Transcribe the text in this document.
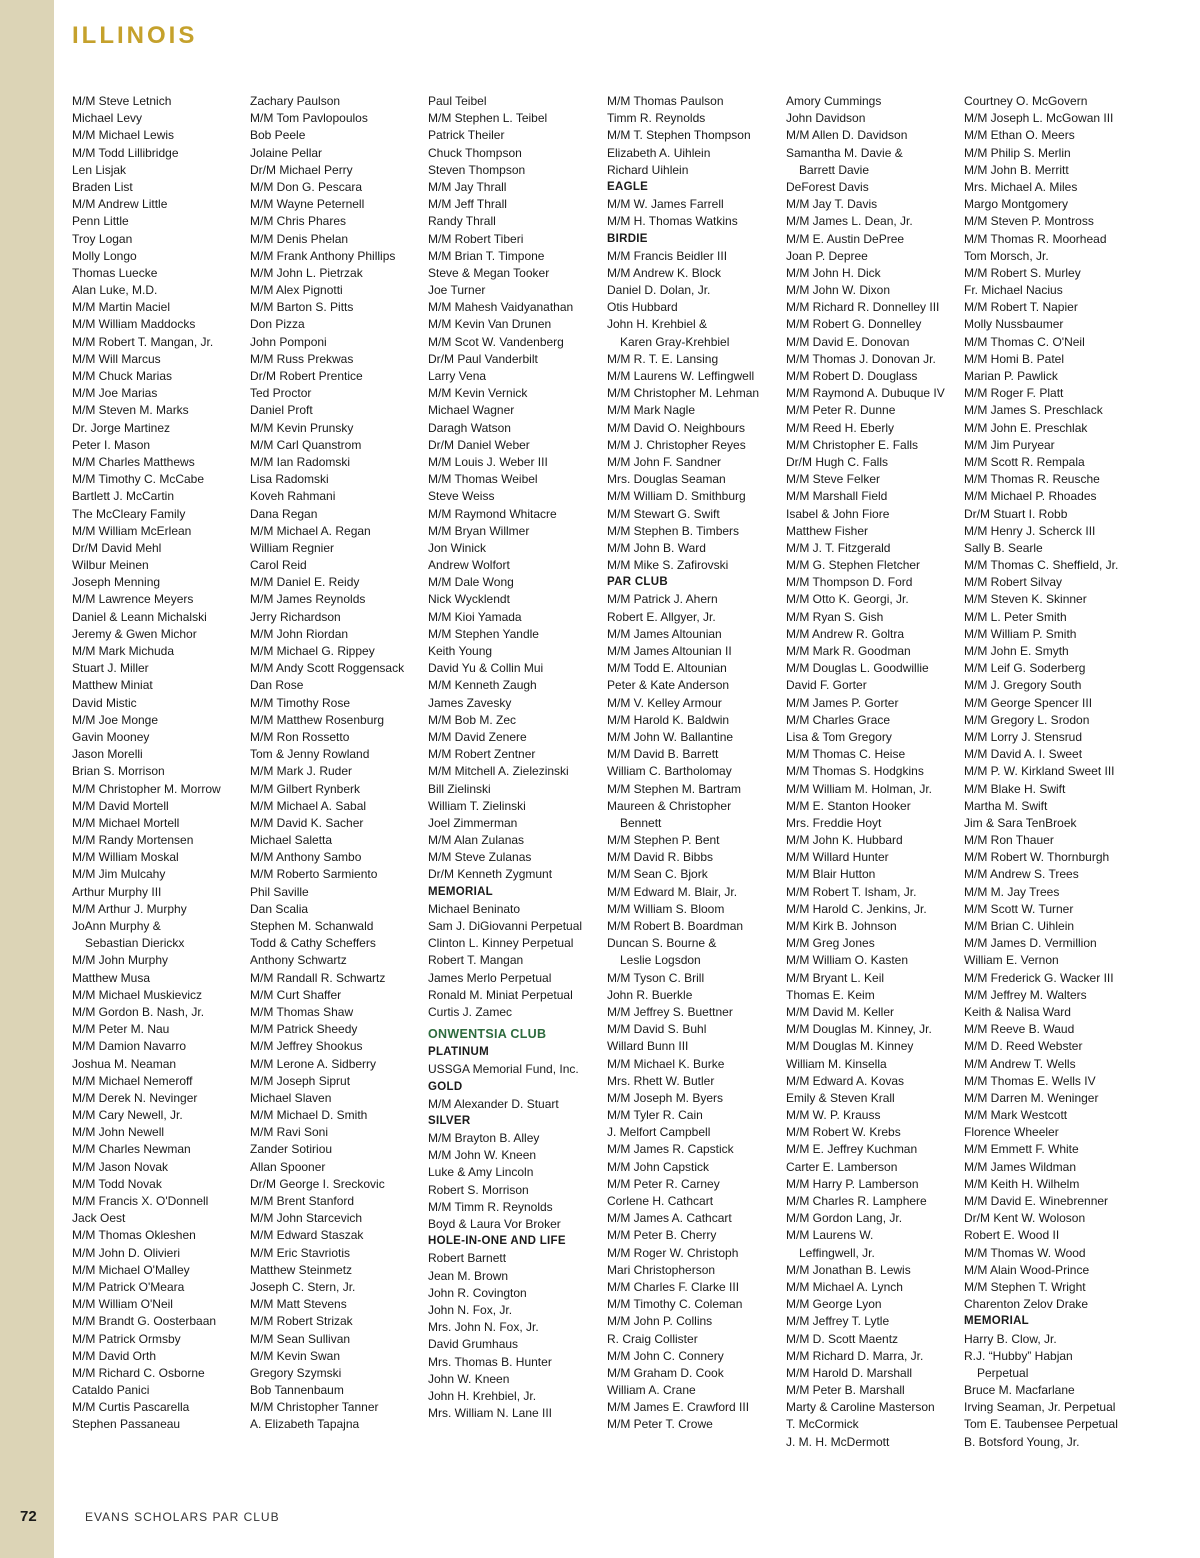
ILLINOIS
M/M Steve Letnich
Michael Levy
M/M Michael Lewis
M/M Todd Lillibridge
Len Lisjak
Braden List
M/M Andrew Little
Penn Little
Troy Logan
Molly Longo
Thomas Luecke
Alan Luke, M.D.
M/M Martin Maciel
M/M William Maddocks
M/M Robert T. Mangan, Jr.
M/M Will Marcus
M/M Chuck Marias
M/M Joe Marias
M/M Steven M. Marks
Dr. Jorge Martinez
Peter I. Mason
M/M Charles Matthews
M/M Timothy C. McCabe
Bartlett J. McCartin
The McCleary Family
M/M William McErlean
Dr/M David Mehl
Wilbur Meinen
Joseph Menning
M/M Lawrence Meyers
Daniel & Leann Michalski
Jeremy & Gwen Michor
M/M Mark Michuda
Stuart J. Miller
Matthew Miniat
David Mistic
M/M Joe Monge
Gavin Mooney
Jason Morelli
Brian S. Morrison
M/M Christopher M. Morrow
M/M David Mortell
M/M Michael Mortell
M/M Randy Mortensen
M/M William Moskal
M/M Jim Mulcahy
Arthur Murphy III
M/M Arthur J. Murphy
JoAnn Murphy &
Sebastian Dierickx
M/M John Murphy
Matthew Musa
M/M Michael Muskievicz
M/M Gordon B. Nash, Jr.
M/M Peter M. Nau
M/M Damion Navarro
Joshua M. Neaman
M/M Michael Nemeroff
M/M Derek N. Nevinger
M/M Cary Newell, Jr.
M/M John Newell
M/M Charles Newman
M/M Jason Novak
M/M Todd Novak
M/M Francis X. O'Donnell
Jack Oest
M/M Thomas Okleshen
M/M John D. Olivieri
M/M Michael O'Malley
M/M Patrick O'Meara
M/M William O'Neil
M/M Brandt G. Oosterbaan
M/M Patrick Ormsby
M/M David Orth
M/M Richard C. Osborne
Cataldo Panici
M/M Curtis Pascarella
Stephen Passaneau
Zachary Paulson
M/M Tom Pavlopoulos
Bob Peele
Jolaine Pellar
Dr/M Michael Perry
M/M Don G. Pescara
M/M Wayne Peternell
M/M Chris Phares
M/M Denis Phelan
M/M Frank Anthony Phillips
M/M John L. Pietrzak
M/M Alex Pignotti
M/M Barton S. Pitts
Don Pizza
John Pomponi
M/M Russ Prekwas
Dr/M Robert Prentice
Ted Proctor
Daniel Proft
M/M Kevin Prunsky
M/M Carl Quanstrom
M/M Ian Radomski
Lisa Radomski
Koveh Rahmani
Dana Regan
M/M Michael A. Regan
William Regnier
Carol Reid
M/M Daniel E. Reidy
M/M James Reynolds
Jerry Richardson
M/M John Riordan
M/M Michael G. Rippey
M/M Andy Scott Roggensack
Dan Rose
M/M Timothy Rose
M/M Matthew Rosenburg
M/M Ron Rossetto
Tom & Jenny Rowland
M/M Mark J. Ruder
M/M Gilbert Rynberk
M/M Michael A. Sabal
M/M David K. Sacher
Michael Saletta
M/M Anthony Sambo
M/M Roberto Sarmiento
Phil Saville
Dan Scalia
Stephen M. Schanwald
Todd & Cathy Scheffers
Anthony Schwartz
M/M Randall R. Schwartz
M/M Curt Shaffer
M/M Thomas Shaw
M/M Patrick Sheedy
M/M Jeffrey Shookus
M/M Lerone A. Sidberry
M/M Joseph Siprut
Michael Slaven
M/M Michael D. Smith
M/M Ravi Soni
Zander Sotiriou
Allan Spooner
Dr/M George I. Sreckovic
M/M Brent Stanford
M/M John Starcevich
M/M Edward Staszak
M/M Eric Stavriotis
Matthew Steinmetz
Joseph C. Stern, Jr.
M/M Matt Stevens
M/M Robert Strizak
M/M Sean Sullivan
M/M Kevin Swan
Gregory Szymski
Bob Tannenbaum
M/M Christopher Tanner
A. Elizabeth Tapajna
Paul Teibel
M/M Stephen L. Teibel
Patrick Theiler
Chuck Thompson
Steven Thompson
M/M Jay Thrall
M/M Jeff Thrall
Randy Thrall
M/M Robert Tiberi
M/M Brian T. Timpone
Steve & Megan Tooker
Joe Turner
M/M Mahesh Vaidyanathan
M/M Kevin Van Drunen
M/M Scot W. Vandenberg
Dr/M Paul Vanderbilt
Larry Vena
M/M Kevin Vernick
Michael Wagner
Daragh Watson
Dr/M Daniel Weber
M/M Louis J. Weber III
M/M Thomas Weibel
Steve Weiss
M/M Raymond Whitacre
M/M Bryan Willmer
Jon Winick
Andrew Wolfort
M/M Dale Wong
Nick Wycklendt
M/M Kioi Yamada
M/M Stephen Yandle
Keith Young
David Yu & Collin Mui
M/M Kenneth Zaugh
James Zavesky
M/M Bob M. Zec
M/M David Zenere
M/M Robert Zentner
M/M Mitchell A. Zielezinski
Bill Zielinski
William T. Zielinski
Joel Zimmerman
M/M Alan Zulanas
M/M Steve Zulanas
Dr/M Kenneth Zygmunt
MEMORIAL
Michael Beninato
Sam J. DiGiovanni Perpetual
Clinton L. Kinney Perpetual
Robert T. Mangan
James Merlo Perpetual
Ronald M. Miniat Perpetual
Curtis J. Zamec
ONWENTSIA CLUB
PLATINUM
USSGA Memorial Fund, Inc.
GOLD
M/M Alexander D. Stuart
SILVER
M/M Brayton B. Alley
M/M John W. Kneen
Luke & Amy Lincoln
Robert S. Morrison
M/M Timm R. Reynolds
Boyd & Laura Vor Broker
HOLE-IN-ONE AND LIFE
Robert Barnett
Jean M. Brown
John R. Covington
John N. Fox, Jr.
Mrs. John N. Fox, Jr.
David Grumhaus
Mrs. Thomas B. Hunter
John W. Kneen
John H. Krehbiel, Jr.
Mrs. William N. Lane III
M/M Thomas Paulson
Timm R. Reynolds
M/M T. Stephen Thompson
Elizabeth A. Uihlein
Richard Uihlein
EAGLE
M/M W. James Farrell
M/M H. Thomas Watkins
BIRDIE
M/M Francis Beidler III
M/M Andrew K. Block
Daniel D. Dolan, Jr.
Otis Hubbard
John H. Krehbiel &
Karen Gray-Krehbiel
M/M R. T. E. Lansing
M/M Laurens W. Leffingwell
M/M Christopher M. Lehman
M/M Mark Nagle
M/M David O. Neighbours
M/M J. Christopher Reyes
M/M John F. Sandner
Mrs. Douglas Seaman
M/M William D. Smithburg
M/M Stewart G. Swift
M/M Stephen B. Timbers
M/M John B. Ward
M/M Mike S. Zafirovski
PAR CLUB
M/M Patrick J. Ahern
Robert E. Allgyer, Jr.
M/M James Altounian
M/M James Altounian II
M/M Todd E. Altounian
Peter & Kate Anderson
M/M V. Kelley Armour
M/M Harold K. Baldwin
M/M John W. Ballantine
M/M David B. Barrett
William C. Bartholomay
M/M Stephen M. Bartram
Maureen & Christopher
Bennett
M/M Stephen P. Bent
M/M David R. Bibbs
M/M Sean C. Bjork
M/M Edward M. Blair, Jr.
M/M William S. Bloom
M/M Robert B. Boardman
Duncan S. Bourne &
Leslie Logsdon
M/M Tyson C. Brill
John R. Buerkle
M/M Jeffrey S. Buettner
M/M David S. Buhl
Willard Bunn III
M/M Michael K. Burke
Mrs. Rhett W. Butler
M/M Joseph M. Byers
M/M Tyler R. Cain
J. Melfort Campbell
M/M James R. Capstick
M/M John Capstick
M/M Peter R. Carney
Corlene H. Cathcart
M/M James A. Cathcart
M/M Peter B. Cherry
M/M Roger W. Christoph
Mari Christopherson
M/M Charles F. Clarke III
M/M Timothy C. Coleman
M/M John P. Collins
R. Craig Collister
M/M John C. Connery
M/M Graham D. Cook
William A. Crane
M/M James E. Crawford III
M/M Peter T. Crowe
Amory Cummings
John Davidson
M/M Allen D. Davidson
Samantha M. Davie &
Barrett Davie
DeForest Davis
M/M Jay T. Davis
M/M James L. Dean, Jr.
M/M E. Austin DePree
Joan P. Depree
M/M John H. Dick
M/M John W. Dixon
M/M Richard R. Donnelley III
M/M Robert G. Donnelley
M/M David E. Donovan
M/M Thomas J. Donovan Jr.
M/M Robert D. Douglass
M/M Raymond A. Dubuque IV
M/M Peter R. Dunne
M/M Reed H. Eberly
M/M Christopher E. Falls
Dr/M Hugh C. Falls
M/M Steve Felker
M/M Marshall Field
Isabel & John Fiore
Matthew Fisher
M/M J. T. Fitzgerald
M/M G. Stephen Fletcher
M/M Thompson D. Ford
M/M Otto K. Georgi, Jr.
M/M Ryan S. Gish
M/M Andrew R. Goltra
M/M Mark R. Goodman
M/M Douglas L. Goodwillie
David F. Gorter
M/M James P. Gorter
M/M Charles Grace
Lisa & Tom Gregory
M/M Thomas C. Heise
M/M Thomas S. Hodgkins
M/M William M. Holman, Jr.
M/M E. Stanton Hooker
Mrs. Freddie Hoyt
M/M John K. Hubbard
M/M Willard Hunter
M/M Blair Hutton
M/M Robert T. Isham, Jr.
M/M Harold C. Jenkins, Jr.
M/M Kirk B. Johnson
M/M Greg Jones
M/M William O. Kasten
M/M Bryant L. Keil
Thomas E. Keim
M/M David M. Keller
M/M Douglas M. Kinney, Jr.
M/M Douglas M. Kinney
William M. Kinsella
M/M Edward A. Kovas
Emily & Steven Krall
M/M W. P. Krauss
M/M Robert W. Krebs
M/M E. Jeffrey Kuchman
Carter E. Lamberson
M/M Harry P. Lamberson
M/M Charles R. Lamphere
M/M Gordon Lang, Jr.
M/M Laurens W.
Leffingwell, Jr.
M/M Jonathan B. Lewis
M/M Michael A. Lynch
M/M George Lyon
M/M Jeffrey T. Lytle
M/M D. Scott Maentz
M/M Richard D. Marra, Jr.
M/M Harold D. Marshall
M/M Peter B. Marshall
Marty & Caroline Masterson
T. McCormick
J. M. H. McDermott
Courtney O. McGovern
M/M Joseph L. McGowan III
M/M Ethan O. Meers
M/M Philip S. Merlin
M/M John B. Merritt
Mrs. Michael A. Miles
Margo Montgomery
M/M Steven P. Montross
M/M Thomas R. Moorhead
Tom Morsch, Jr.
M/M Robert S. Murley
Fr. Michael Nacius
M/M Robert T. Napier
Molly Nussbaumer
M/M Thomas C. O'Neil
M/M Homi B. Patel
Marian P. Pawlick
M/M Roger F. Platt
M/M James S. Preschlack
M/M John E. Preschlak
M/M Jim Puryear
M/M Scott R. Rempala
M/M Thomas R. Reusche
M/M Michael P. Rhoades
Dr/M Stuart I. Robb
M/M Henry J. Scherck III
Sally B. Searle
M/M Thomas C. Sheffield, Jr.
M/M Robert Silvay
M/M Steven K. Skinner
M/M L. Peter Smith
M/M William P. Smith
M/M John E. Smyth
M/M Leif G. Soderberg
M/M J. Gregory South
M/M George Spencer III
M/M Gregory L. Srodon
M/M Lorry J. Stensrud
M/M David A. I. Sweet
M/M P. W. Kirkland Sweet III
M/M Blake H. Swift
Martha M. Swift
Jim & Sara TenBroek
M/M Ron Thauer
M/M Robert W. Thornburgh
M/M Andrew S. Trees
M/M M. Jay Trees
M/M Scott W. Turner
M/M Brian C. Uihlein
M/M James D. Vermillion
William E. Vernon
M/M Frederick G. Wacker III
M/M Jeffrey M. Walters
Keith & Nalisa Ward
M/M Reeve B. Waud
M/M D. Reed Webster
M/M Andrew T. Wells
M/M Thomas E. Wells IV
M/M Darren M. Weninger
M/M Mark Westcott
Florence Wheeler
M/M Emmett F. White
M/M James Wildman
M/M Keith H. Wilhelm
M/M David E. Winebrenner
Dr/M Kent W. Woloson
Robert E. Wood II
M/M Thomas W. Wood
M/M Alain Wood-Prince
M/M Stephen T. Wright
Charenton Zelov Drake
MEMORIAL
Harry B. Clow, Jr.
R.J. “Hubby” Habjan
Perpetual
Bruce M. Macfarlane
Irving Seaman, Jr. Perpetual
Tom E. Taubensee Perpetual
B. Botsford Young, Jr.
72	EVANS SCHOLARS PAR CLUB
